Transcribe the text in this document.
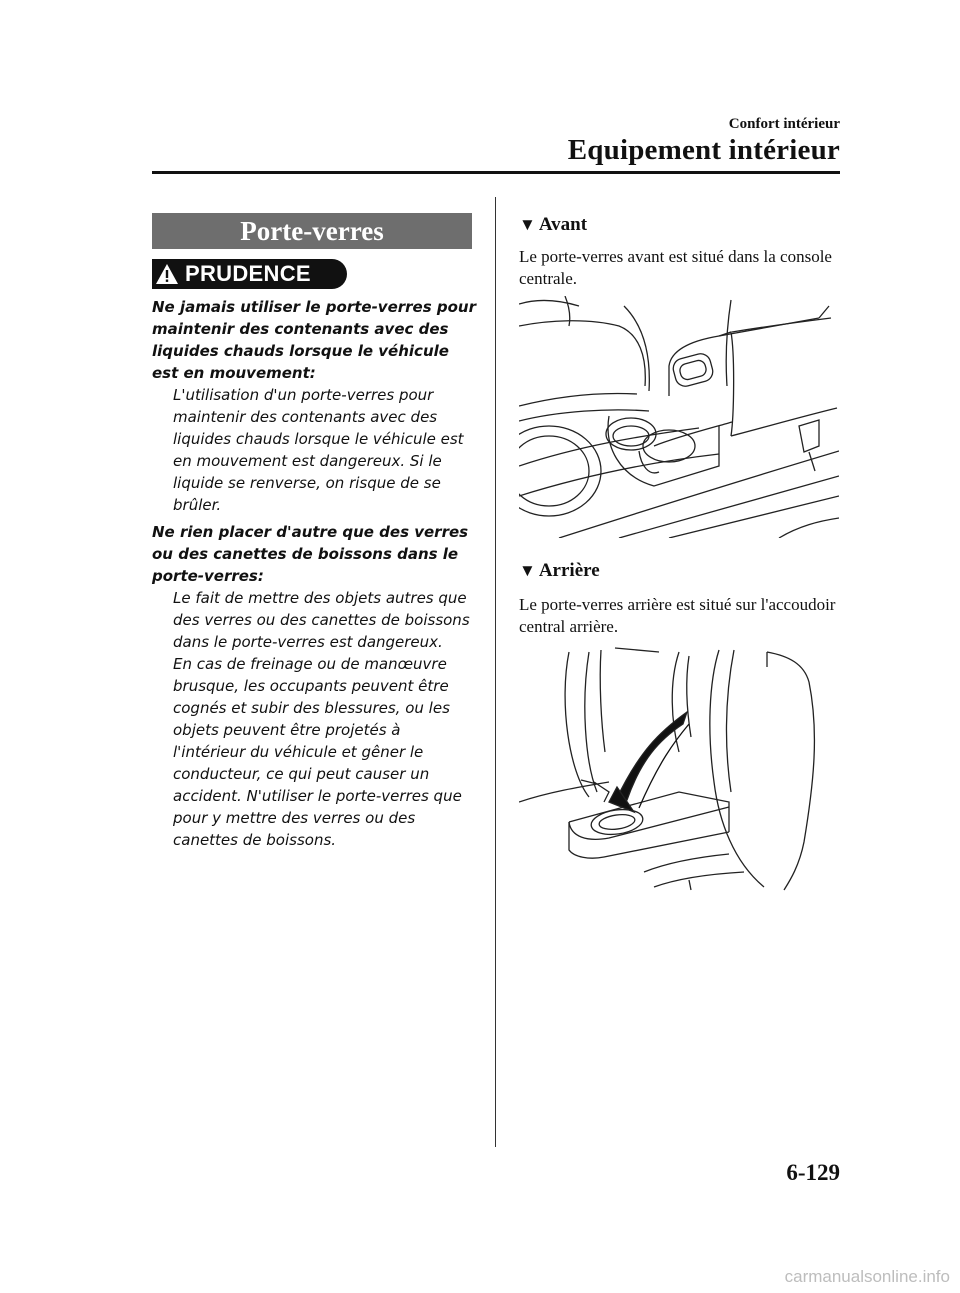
Confort intérieur
Equipement intérieur
Porte-verres
PRUDENCE
Ne jamais utiliser le porte-verres pour maintenir des contenants avec des liquides chauds lorsque le véhicule est en mouvement:
L'utilisation d'un porte-verres pour maintenir des contenants avec des liquides chauds lorsque le véhicule est en mouvement est dangereux. Si le liquide se renverse, on risque de se brûler.
Ne rien placer d'autre que des verres ou des canettes de boissons dans le porte-verres:
Le fait de mettre des objets autres que des verres ou des canettes de boissons dans le porte-verres est dangereux.
En cas de freinage ou de manœuvre brusque, les occupants peuvent être cognés et subir des blessures, ou les objets peuvent être projetés à l'intérieur du véhicule et gêner le conducteur, ce qui peut causer un accident. N'utiliser le porte-verres que pour y mettre des verres ou des canettes de boissons.
▼ Avant
Le porte-verres avant est situé dans la console centrale.
▼ Arrière
Le porte-verres arrière est situé sur l'accoudoir central arrière.
6-129
carmanualsonline.info
